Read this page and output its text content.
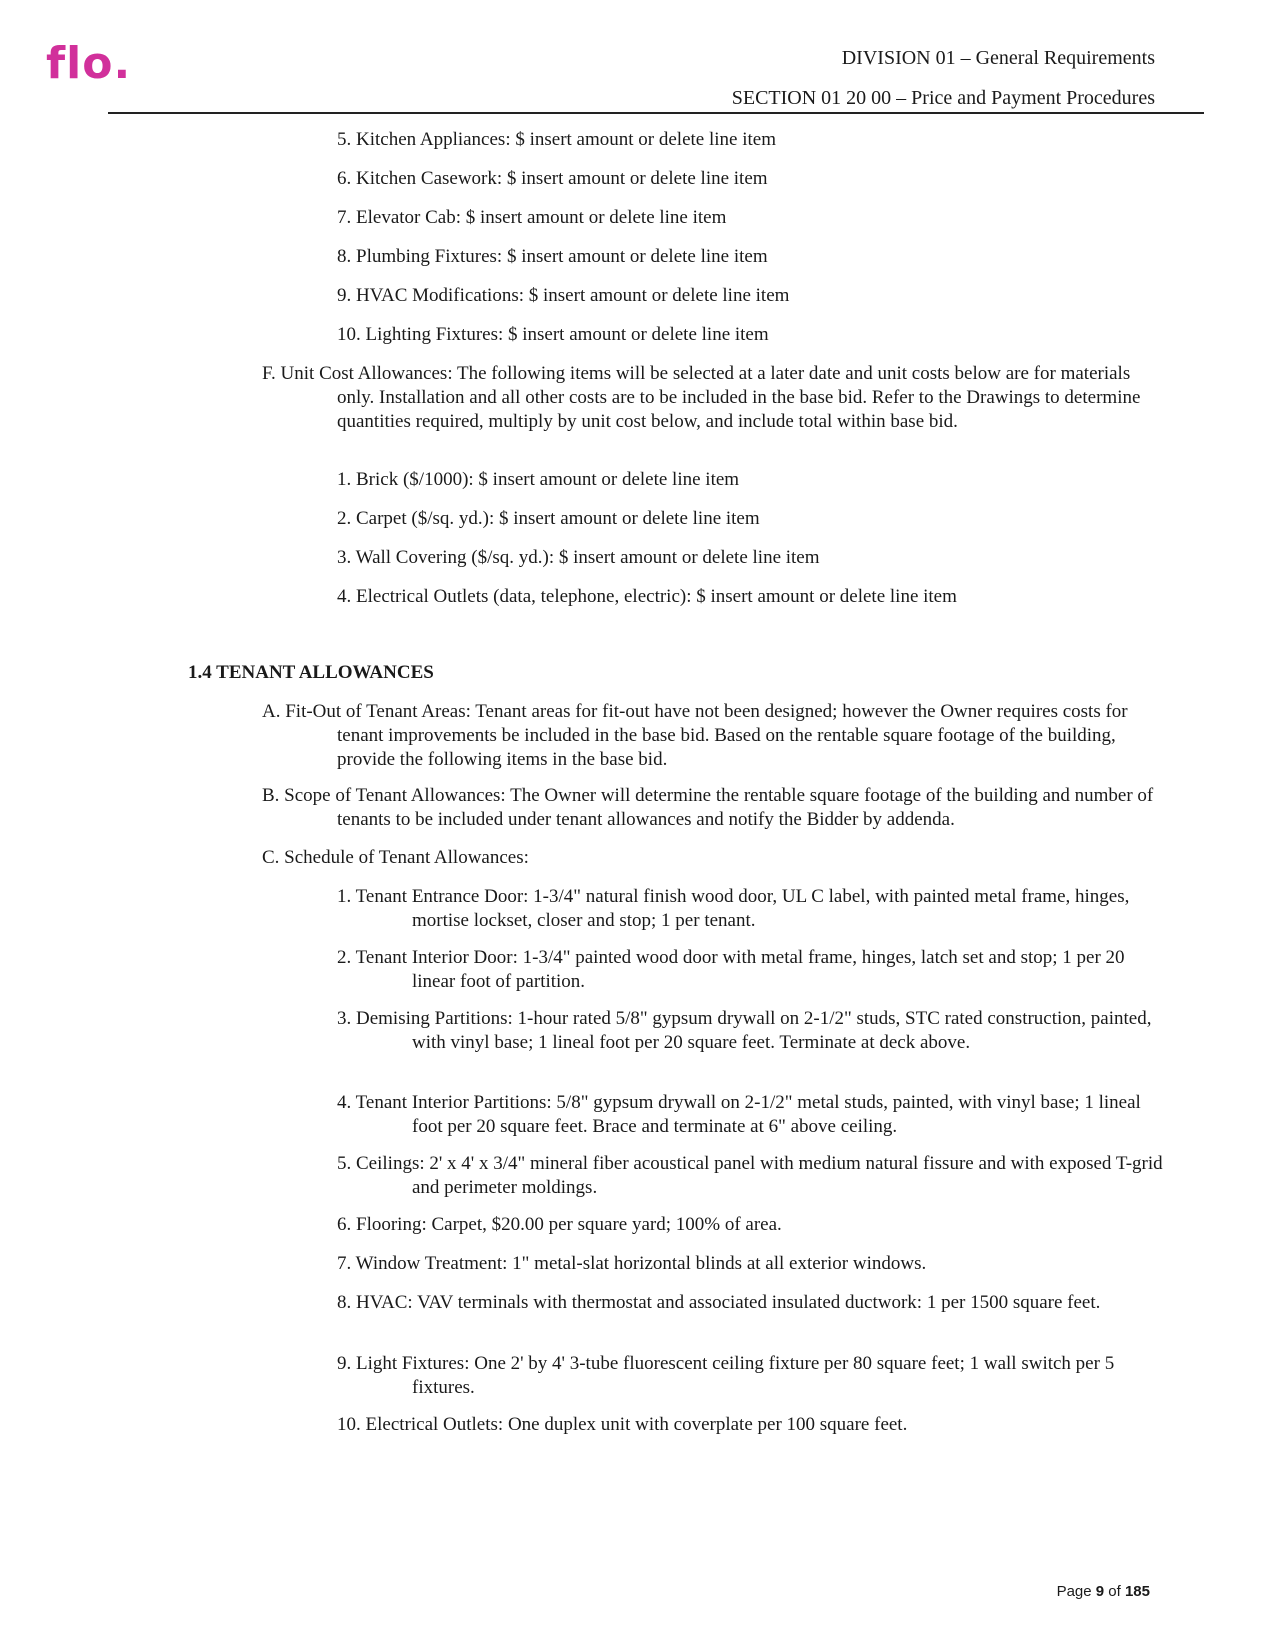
flo.	DIVISION 01 – General Requirements
SECTION 01 20 00 – Price and Payment Procedures
5. Kitchen Appliances: $ insert amount or delete line item
6. Kitchen Casework: $ insert amount or delete line item
7. Elevator Cab: $ insert amount or delete line item
8. Plumbing Fixtures: $ insert amount or delete line item
9. HVAC Modifications: $ insert amount or delete line item
10. Lighting Fixtures: $ insert amount or delete line item
F. Unit Cost Allowances: The following items will be selected at a later date and unit costs below are for materials only. Installation and all other costs are to be included in the base bid. Refer to the Drawings to determine quantities required, multiply by unit cost below, and include total within base bid.
1. Brick ($/1000): $ insert amount or delete line item
2. Carpet ($/sq. yd.): $ insert amount or delete line item
3. Wall Covering ($/sq. yd.): $ insert amount or delete line item
4. Electrical Outlets (data, telephone, electric): $ insert amount or delete line item
1.4 TENANT ALLOWANCES
A. Fit-Out of Tenant Areas: Tenant areas for fit-out have not been designed; however the Owner requires costs for tenant improvements be included in the base bid. Based on the rentable square footage of the building, provide the following items in the base bid.
B. Scope of Tenant Allowances: The Owner will determine the rentable square footage of the building and number of tenants to be included under tenant allowances and notify the Bidder by addenda.
C. Schedule of Tenant Allowances:
1. Tenant Entrance Door: 1-3/4" natural finish wood door, UL C label, with painted metal frame, hinges, mortise lockset, closer and stop; 1 per tenant.
2. Tenant Interior Door: 1-3/4" painted wood door with metal frame, hinges, latch set and stop; 1 per 20 linear foot of partition.
3. Demising Partitions: 1-hour rated 5/8" gypsum drywall on 2-1/2" studs, STC rated construction, painted, with vinyl base; 1 lineal foot per 20 square feet. Terminate at deck above.
4. Tenant Interior Partitions: 5/8" gypsum drywall on 2-1/2" metal studs, painted, with vinyl base; 1 lineal foot per 20 square feet. Brace and terminate at 6" above ceiling.
5. Ceilings: 2' x 4' x 3/4" mineral fiber acoustical panel with medium natural fissure and with exposed T-grid and perimeter moldings.
6. Flooring: Carpet, $20.00 per square yard; 100% of area.
7. Window Treatment: 1" metal-slat horizontal blinds at all exterior windows.
8. HVAC: VAV terminals with thermostat and associated insulated ductwork: 1 per 1500 square feet.
9. Light Fixtures: One 2' by 4' 3-tube fluorescent ceiling fixture per 80 square feet; 1 wall switch per 5 fixtures.
10. Electrical Outlets: One duplex unit with coverplate per 100 square feet.
Page 9 of 185
